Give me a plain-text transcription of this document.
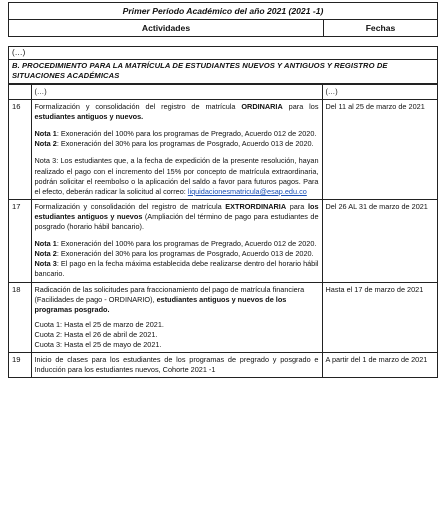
Primer Período Académico del año 2021 (2021 -1)
Actividades	Fechas
(…)
B. PROCEDIMIENTO PARA LA MATRÍCULA DE ESTUDIANTES NUEVOS Y ANTIGUOS Y REGISTRO DE SITUACIONES ACADÉMICAS
	(…)	(…)
16	Formalización y consolidación del registro de matrícula ORDINARIA para los estudiantes antiguos y nuevos.

Nota 1: Exoneración del 100% para los programas de Pregrado, Acuerdo 012 de 2020.

Nota 2: Exoneración del 30% para los programas de Posgrado, Acuerdo 013 de 2020.

Nota 3: Los estudiantes que, a la fecha de expedición de la presente resolución, hayan realizado el pago con el incremento del 15% por concepto de matrícula extraordinaria, podrán solicitar el reembolso o la aplicación del saldo a favor para futuros pagos. Para el efecto, deberán radicar la solicitud al correo: liquidacionesmatricula@esap.edu.co	Del 11 al 25 de marzo de 2021
17	Formalización y consolidación del registro de matrícula EXTRORDINARIA para los estudiantes antiguos y nuevos (Ampliación del término de pago para estudiantes de posgrado (horario hábil bancario).

Nota 1: Exoneración del 100% para los programas de Pregrado, Acuerdo 012 de 2020.

Nota 2: Exoneración del 30% para los programas de Posgrado, Acuerdo 013 de 2020.

Nota 3: El pago en la fecha máxima establecida debe realizarse dentro del horario hábil bancario.	Del 26 AL 31 de marzo de 2021
18	Radicación de las solicitudes para fraccionamiento del pago de matrícula financiera (Facilidades de pago - ORDINARIO), estudiantes antiguos y nuevos de los programas posgrado.

Cuota 1: Hasta el 25 de marzo de 2021.

Cuota 2: Hasta el 26 de abril de 2021.

Cuota 3: Hasta el 25 de mayo de 2021.	Hasta el 17 de marzo de 2021
19	Inicio de clases para los estudiantes de los programas de pregrado y posgrado e Inducción para los estudiantes nuevos, Cohorte 2021 -1	A partir del 1 de marzo de 2021
